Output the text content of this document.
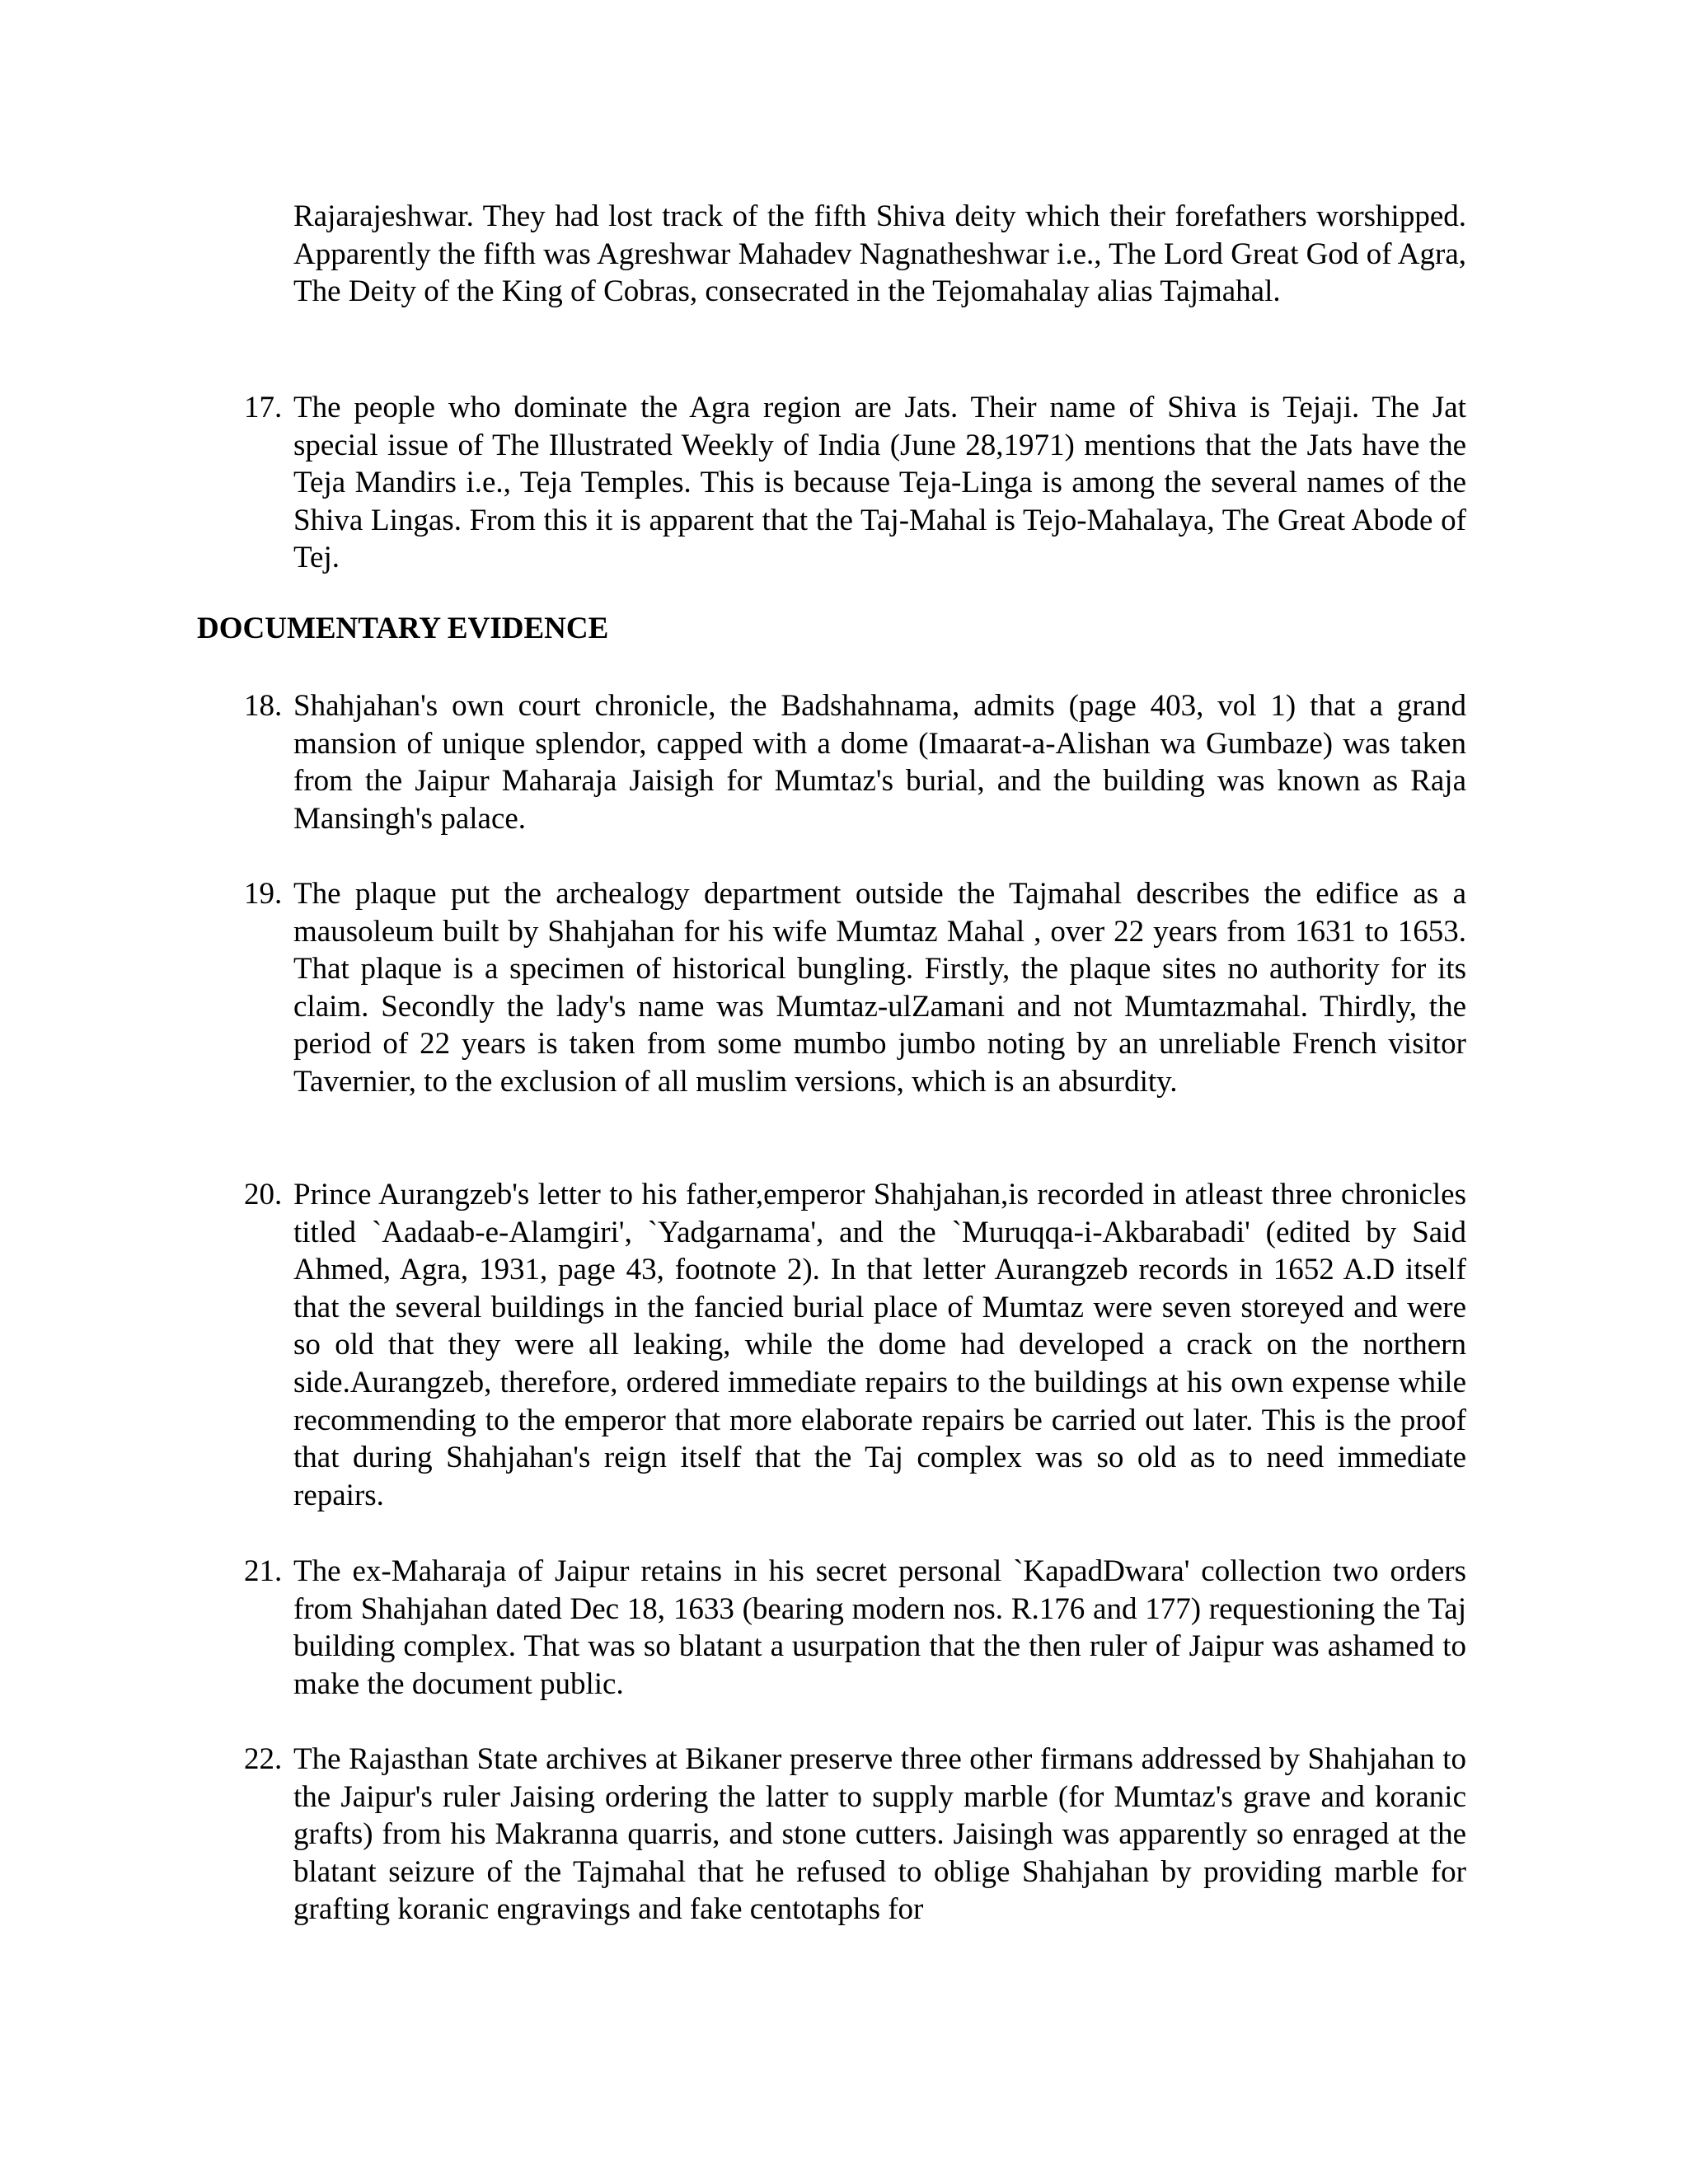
Rajarajeshwar. They had lost track of the fifth Shiva deity which their forefathers worshipped. Apparently the fifth was Agreshwar Mahadev Nagnatheshwar i.e., The Lord Great God of Agra, The Deity of the King of Cobras, consecrated in the Tejomahalay alias Tajmahal.

17. The people who dominate the Agra region are Jats. Their name of Shiva is Tejaji. The Jat special issue of The Illustrated Weekly of India (June 28,1971) mentions that the Jats have the Teja Mandirs i.e., Teja Temples. This is because Teja-Linga is among the several names of the Shiva Lingas. From this it is apparent that the Taj-Mahal is Tejo-Mahalaya, The Great Abode of Tej.
DOCUMENTARY EVIDENCE
18. Shahjahan's own court chronicle, the Badshahnama, admits (page 403, vol 1) that a grand mansion of unique splendor, capped with a dome (Imaarat-a-Alishan wa Gumbaze) was taken from the Jaipur Maharaja Jaisigh for Mumtaz's burial, and the building was known as Raja Mansingh's palace.
19. The plaque put the archealogy department outside the Tajmahal describes the edifice as a mausoleum built by Shahjahan for his wife Mumtaz Mahal , over 22 years from 1631 to 1653. That plaque is a specimen of historical bungling. Firstly, the plaque sites no authority for its claim. Secondly the lady's name was Mumtaz-ulZamani and not Mumtazmahal. Thirdly, the period of 22 years is taken from some mumbo jumbo noting by an unreliable French visitor Tavernier, to the exclusion of all muslim versions, which is an absurdity.
20. Prince Aurangzeb's letter to his father,emperor Shahjahan,is recorded in atleast three chronicles titled `Aadaab-e-Alamgiri', `Yadgarnama', and the `Muruqqa-i-Akbarabadi' (edited by Said Ahmed, Agra, 1931, page 43, footnote 2). In that letter Aurangzeb records in 1652 A.D itself that the several buildings in the fancied burial place of Mumtaz were seven storeyed and were so old that they were all leaking, while the dome had developed a crack on the northern side.Aurangzeb, therefore, ordered immediate repairs to the buildings at his own expense while recommending to the emperor that more elaborate repairs be carried out later. This is the proof that during Shahjahan's reign itself that the Taj complex was so old as to need immediate repairs.
21. The ex-Maharaja of Jaipur retains in his secret personal `KapadDwara' collection two orders from Shahjahan dated Dec 18, 1633 (bearing modern nos. R.176 and 177) requestioning the Taj building complex. That was so blatant a usurpation that the then ruler of Jaipur was ashamed to make the document public.
22. The Rajasthan State archives at Bikaner preserve three other firmans addressed by Shahjahan to the Jaipur's ruler Jaising ordering the latter to supply marble (for Mumtaz's grave and koranic grafts) from his Makranna quarris, and stone cutters. Jaisingh was apparently so enraged at the blatant seizure of the Tajmahal that he refused to oblige Shahjahan by providing marble for grafting koranic engravings and fake centotaphs for
